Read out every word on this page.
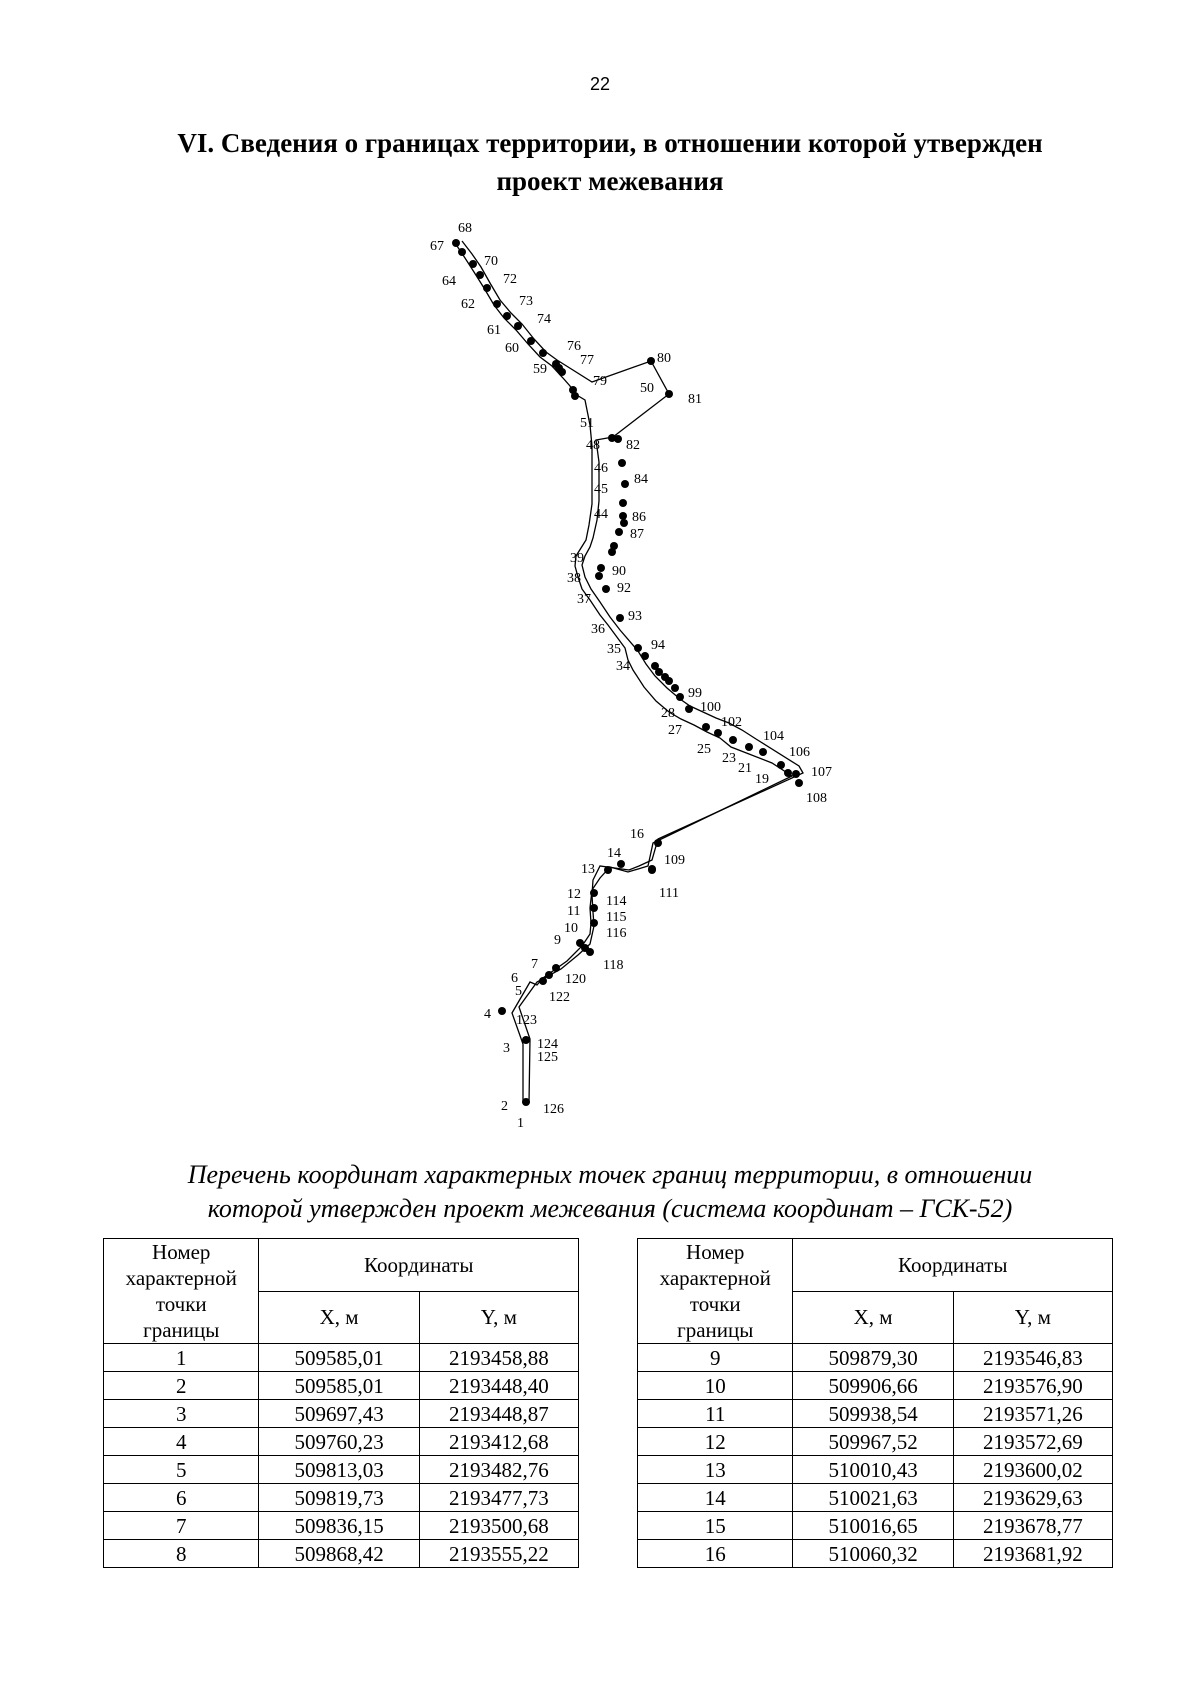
22
VI. Сведения о границах территории, в отношении которой утвержден
проект межевания
68
67
70
64	72
62	73
74
61
60	76
77
59
79
80
50
81
51
48 82
46
84
45
44 86
87
39
90
38
92
37
93
36
35 94
34
99
100
28
102
27	104
25	106
23
21	107
19
108
16
109
14
13
111
12 114
11 115
10 116
9
118
7
6	120
5 122
4 123
3 124
125
2	126
1
Перечень координат характерных точек границ территории, в отношении
которой утвержден проект межевания (система координат – ГСК-52)
Номер
характерной
точки
границы	Координаты	
	X, м	Y, м
1	509585,01	2193458,88
2	509585,01	2193448,40
3	509697,43	2193448,87
4	509760,23	2193412,68
5	509813,03	2193482,76
6	509819,73	2193477,73
7	509836,15	2193500,68
8	509868,42	2193555,22
Номер
характерной
точки
границы	Координаты	
	X, м	Y, м
9	509879,30	2193546,83
10	509906,66	2193576,90
11	509938,54	2193571,26
12	509967,52	2193572,69
13	510010,43	2193600,02
14	510021,63	2193629,63
15	510016,65	2193678,77
16	510060,32	2193681,92
